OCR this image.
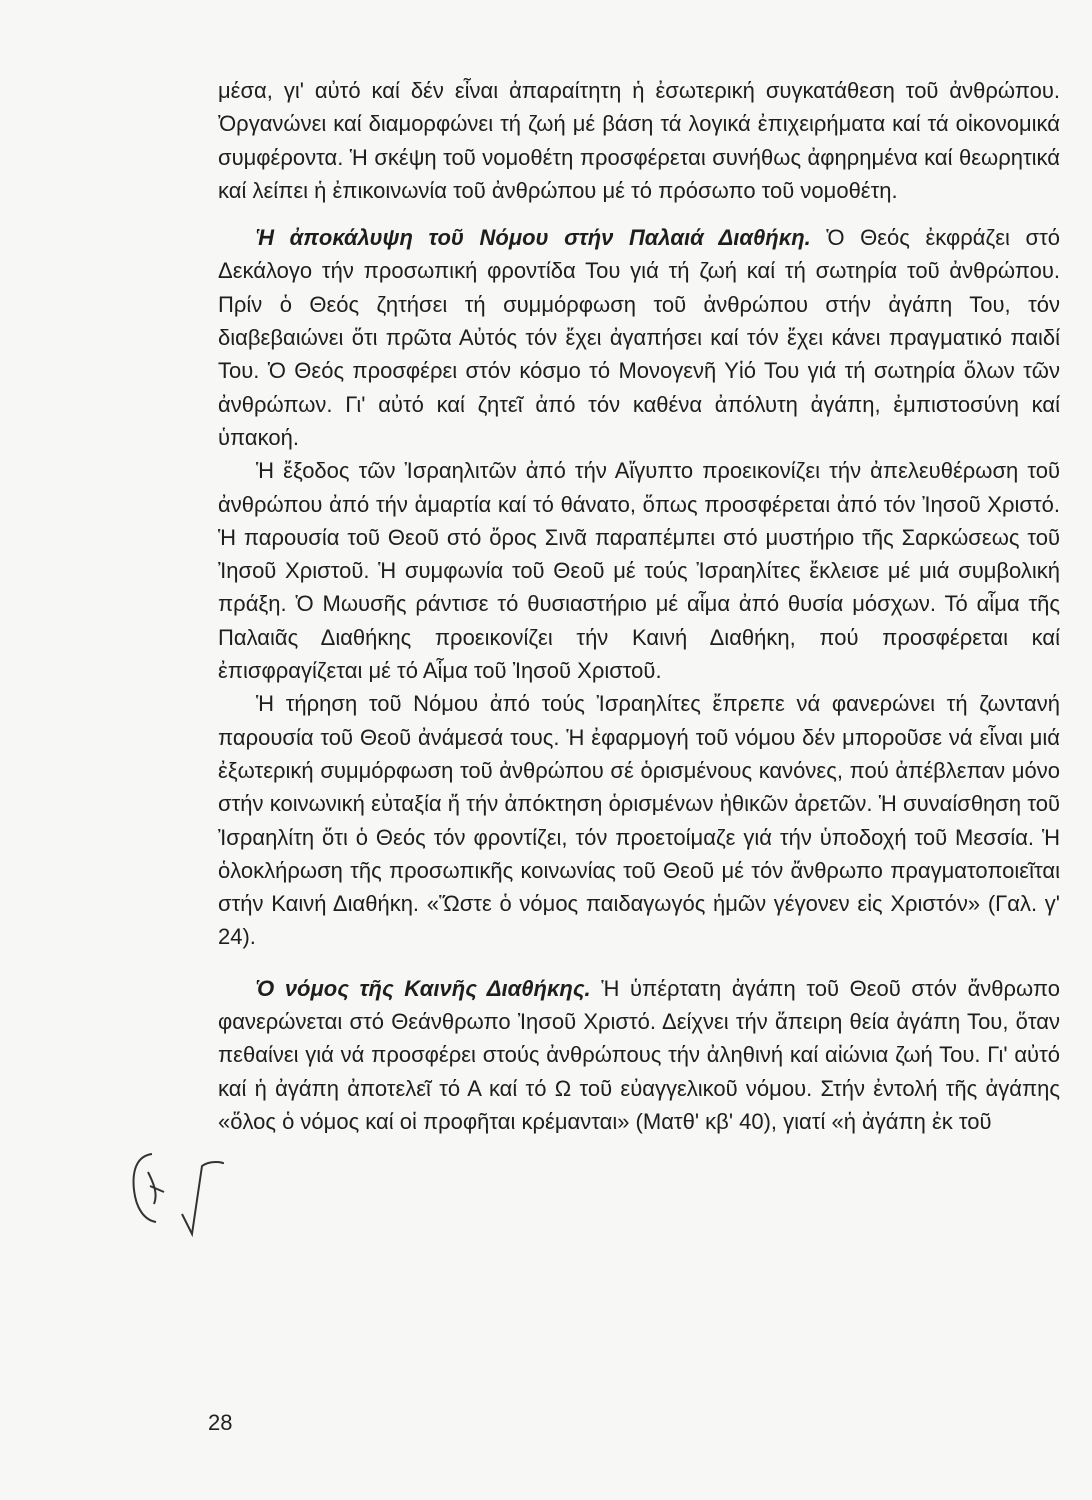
μέσα, γι' αὐτό καί δέν εἶναι ἀπαραίτητη ἡ ἐσωτερική συγκατάθεση τοῦ ἀνθρώπου. Ὀργανώνει καί διαμορφώνει τή ζωή μέ βάση τά λογικά ἐπιχειρήματα καί τά οἰκονομικά συμφέροντα. Ἡ σκέψη τοῦ νομοθέτη προσφέρεται συνήθως ἀφηρημένα καί θεωρητικά καί λείπει ἡ ἐπικοινωνία τοῦ ἀνθρώπου μέ τό πρόσωπο τοῦ νομοθέτη.

Ἡ ἀποκάλυψη τοῦ Νόμου στήν Παλαιά Διαθήκη. Ὁ Θεός ἐκφράζει στό Δεκάλογο τήν προσωπική φροντίδα Του γιά τή ζωή καί τή σωτηρία τοῦ ἀνθρώπου. Πρίν ὁ Θεός ζητήσει τή συμμόρφωση τοῦ ἀνθρώπου στήν ἀγάπη Του, τόν διαβεβαιώνει ὅτι πρῶτα Αὐτός τόν ἔχει ἀγαπήσει καί τόν ἔχει κάνει πραγματικό παιδί Του. Ὁ Θεός προσφέρει στόν κόσμο τό Μονογενῆ Υἱό Του γιά τή σωτηρία ὅλων τῶν ἀνθρώπων. Γι' αὐτό καί ζητεῖ ἀπό τόν καθένα ἀπόλυτη ἀγάπη, ἐμπιστοσύνη καί ὑπακοή.

Ἡ ἔξοδος τῶν Ἰσραηλιτῶν ἀπό τήν Αἴγυπτο προεικονίζει τήν ἀπελευθέρωση τοῦ ἀνθρώπου ἀπό τήν ἁμαρτία καί τό θάνατο, ὅπως προσφέρεται ἀπό τόν Ἰησοῦ Χριστό. Ἡ παρουσία τοῦ Θεοῦ στό ὄρος Σινᾶ παραπέμπει στό μυστήριο τῆς Σαρκώσεως τοῦ Ἰησοῦ Χριστοῦ. Ἡ συμφωνία τοῦ Θεοῦ μέ τούς Ἰσραηλίτες ἔκλεισε μέ μιά συμβολική πράξη. Ὁ Μωυσῆς ράντισε τό θυσιαστήριο μέ αἷμα ἀπό θυσία μόσχων. Τό αἷμα τῆς Παλαιᾶς Διαθήκης προεικονίζει τήν Καινή Διαθήκη, πού προσφέρεται καί ἐπισφραγίζεται μέ τό Αἷμα τοῦ Ἰησοῦ Χριστοῦ.

Ἡ τήρηση τοῦ Νόμου ἀπό τούς Ἰσραηλίτες ἔπρεπε νά φανερώνει τή ζωντανή παρουσία τοῦ Θεοῦ ἀνάμεσά τους. Ἡ ἐφαρμογή τοῦ νόμου δέν μποροῦσε νά εἶναι μιά ἐξωτερική συμμόρφωση τοῦ ἀνθρώπου σέ ὁρισμένους κανόνες, πού ἀπέβλεπαν μόνο στήν κοινωνική εὐταξία ἤ τήν ἀπόκτηση ὁρισμένων ἠθικῶν ἀρετῶν. Ἡ συναίσθηση τοῦ Ἰσραηλίτη ὅτι ὁ Θεός τόν φροντίζει, τόν προετοίμαζε γιά τήν ὑποδοχή τοῦ Μεσσία. Ἡ ὁλοκλήρωση τῆς προσωπικῆς κοινωνίας τοῦ Θεοῦ μέ τόν ἄνθρωπο πραγματοποιεῖται στήν Καινή Διαθήκη. «Ὥστε ὁ νόμος παιδαγωγός ἡμῶν γέγονεν εἰς Χριστόν» (Γαλ. γ' 24).

Ὁ νόμος τῆς Καινῆς Διαθήκης. Ἡ ὑπέρτατη ἀγάπη τοῦ Θεοῦ στόν ἄνθρωπο φανερώνεται στό Θεάνθρωπο Ἰησοῦ Χριστό. Δείχνει τήν ἄπειρη θεία ἀγάπη Του, ὅταν πεθαίνει γιά νά προσφέρει στούς ἀνθρώπους τήν ἀληθινή καί αἰώνια ζωή Του. Γι' αὐτό καί ἡ ἀγάπη ἀποτελεῖ τό Α καί τό Ω τοῦ εὐαγγελικοῦ νόμου. Στήν ἐντολή τῆς ἀγάπης «ὅλος ὁ νόμος καί οἱ προφῆται κρέμανται» (Ματθ' κβ' 40), γιατί «ἡ ἀγάπη ἐκ τοῦ

28
